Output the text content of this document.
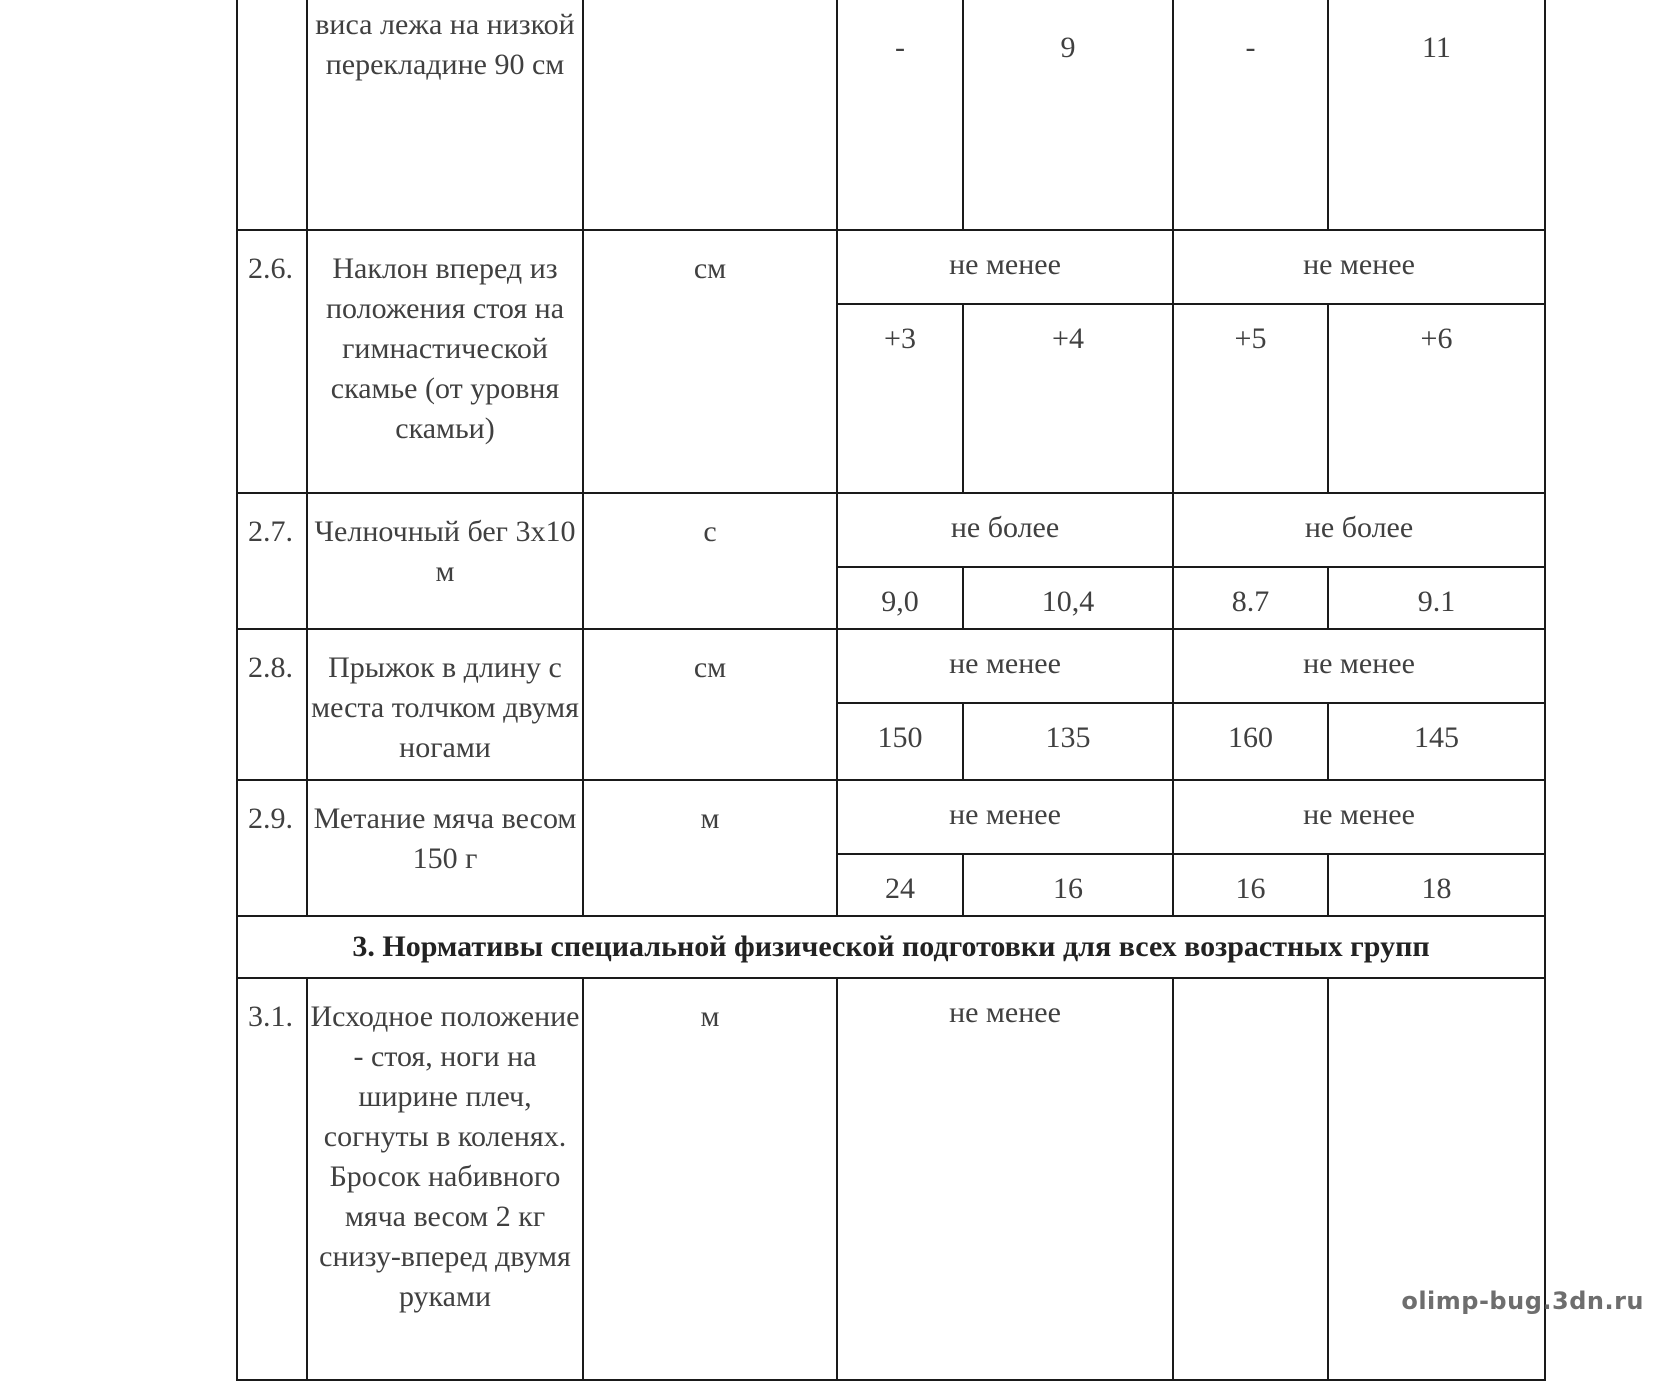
	виса лежа на низкой перекладине 90 см		-	9	-	11
2.6.	Наклон вперед из положения стоя на гимнастической скамье (от уровня скамьи)	см	не менее		не менее	
			+3	+4	+5	+6
2.7.	Челночный бег 3x10 м	с	не более		не более	
			9,0	10,4	8.7	9.1
2.8.	Прыжок в длину с места толчком двумя ногами	см	не менее		не менее	
			150	135	160	145
2.9.	Метание мяча весом 150 г	м	не менее		не менее	
			24	16	16	18
3. Нормативы специальной физической подготовки для всех возрастных групп						
3.1.	Исходное положение - стоя, ноги на ширине плеч, согнуты в коленях. Бросок набивного мяча весом 2 кг снизу-вперед двумя руками	м	не менее			
olimp-bug.3dn.ru
